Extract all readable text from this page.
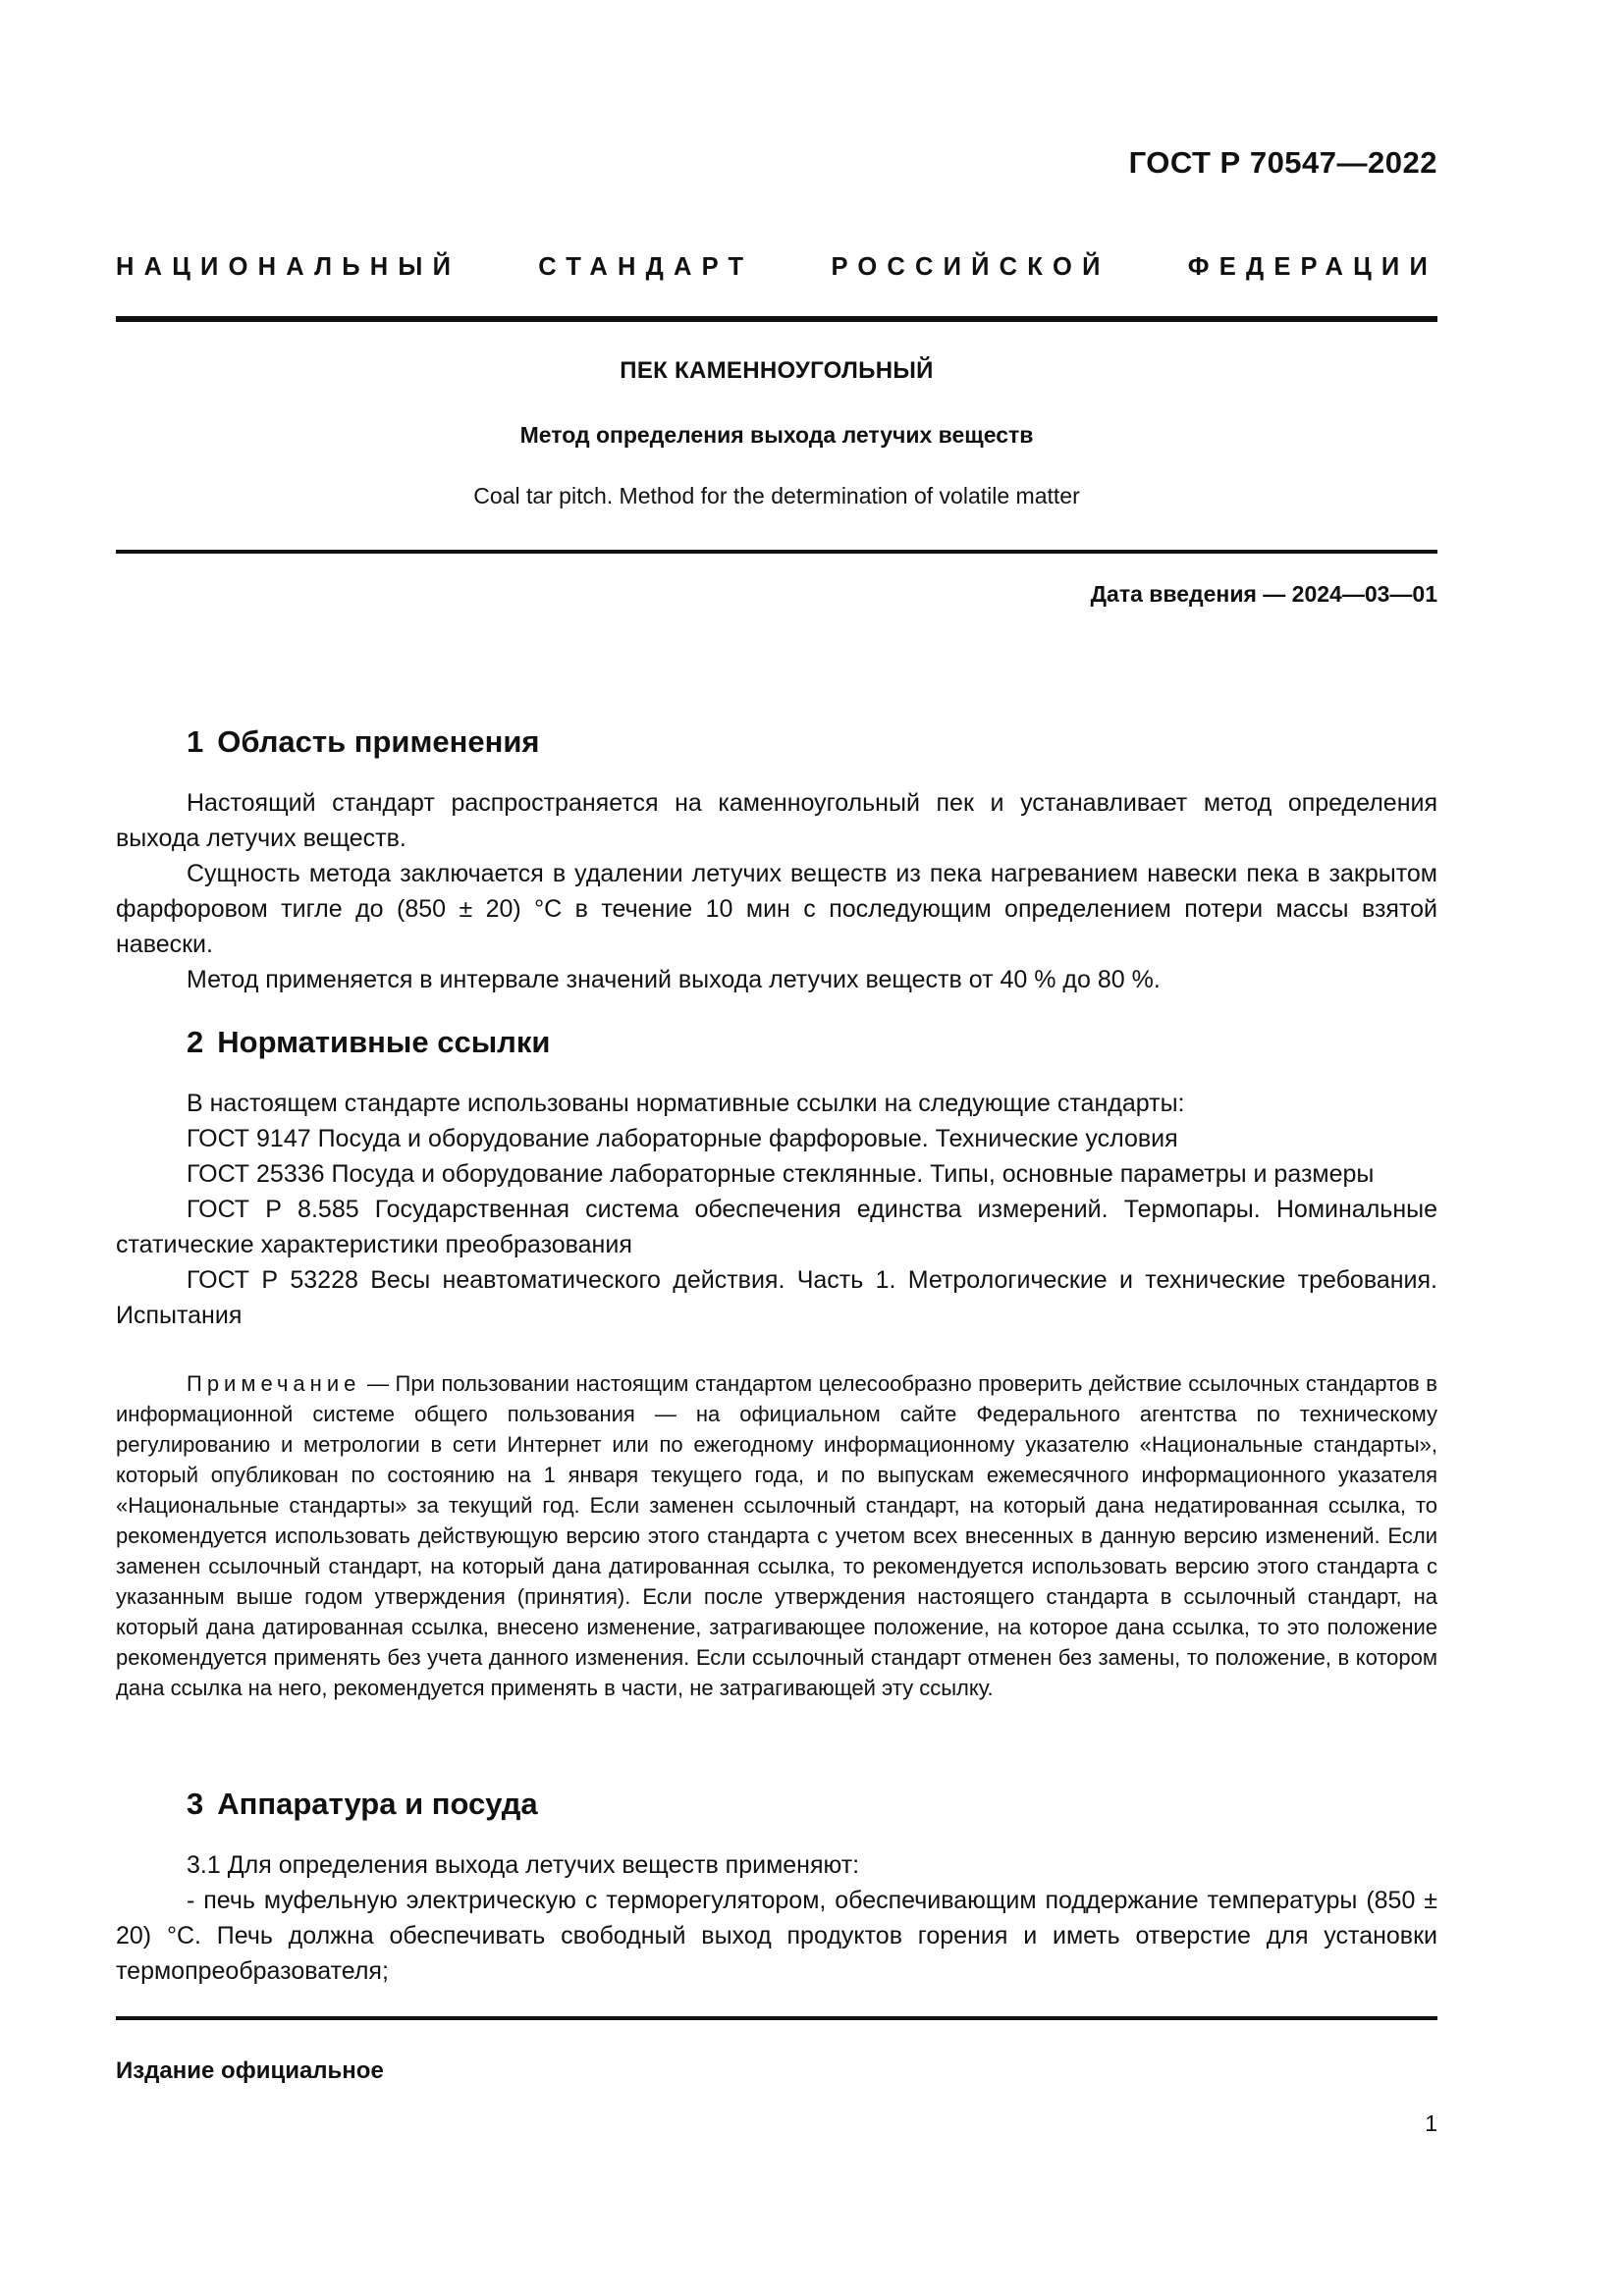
ГОСТ Р 70547—2022
НАЦИОНАЛЬНЫЙ СТАНДАРТ РОССИЙСКОЙ ФЕДЕРАЦИИ
ПЕК КАМЕННОУГОЛЬНЫЙ
Метод определения выхода летучих веществ
Coal tar pitch. Method for the determination of volatile matter
Дата введения — 2024—03—01
1 Область применения

Настоящий стандарт распространяется на каменноугольный пек и устанавливает метод определения выхода летучих веществ.

Сущность метода заключается в удалении летучих веществ из пека нагреванием навески пека в закрытом фарфоровом тигле до (850 ± 20) °С в течение 10 мин с последующим определением потери массы взятой навески.

Метод применяется в интервале значений выхода летучих веществ от 40 % до 80 %.

2 Нормативные ссылки

В настоящем стандарте использованы нормативные ссылки на следующие стандарты:

ГОСТ 9147 Посуда и оборудование лабораторные фарфоровые. Технические условия

ГОСТ 25336 Посуда и оборудование лабораторные стеклянные. Типы, основные параметры и размеры

ГОСТ Р 8.585 Государственная система обеспечения единства измерений. Термопары. Номинальные статические характеристики преобразования

ГОСТ Р 53228 Весы неавтоматического действия. Часть 1. Метрологические и технические требования. Испытания

Примечание — При пользовании настоящим стандартом целесообразно проверить действие ссылочных стандартов в информационной системе общего пользования — на официальном сайте Федерального агентства по техническому регулированию и метрологии в сети Интернет или по ежегодному информационному указателю «Национальные стандарты», который опубликован по состоянию на 1 января текущего года, и по выпускам ежемесячного информационного указателя «Национальные стандарты» за текущий год. Если заменен ссылочный стандарт, на который дана недатированная ссылка, то рекомендуется использовать действующую версию этого стандарта с учетом всех внесенных в данную версию изменений. Если заменен ссылочный стандарт, на который дана датированная ссылка, то рекомендуется использовать версию этого стандарта с указанным выше годом утверждения (принятия). Если после утверждения настоящего стандарта в ссылочный стандарт, на который дана датированная ссылка, внесено изменение, затрагивающее положение, на которое дана ссылка, то это положение рекомендуется применять без учета данного изменения. Если ссылочный стандарт отменен без замены, то положение, в котором дана ссылка на него, рекомендуется применять в части, не затрагивающей эту ссылку.
3 Аппаратура и посуда

3.1 Для определения выхода летучих веществ применяют:

- печь муфельную электрическую с терморегулятором, обеспечивающим поддержание температуры (850 ± 20) °С. Печь должна обеспечивать свободный выход продуктов горения и иметь отверстие для установки термопреобразователя;

Издание официальное
1
